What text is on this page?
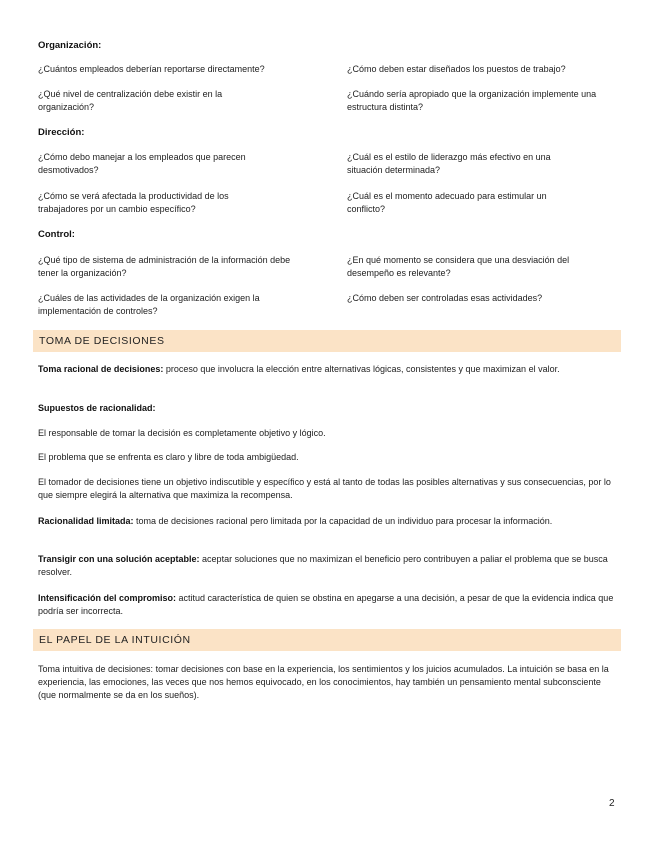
Organización:
¿Cuántos empleados deberían reportarse directamente?	¿Cómo deben estar diseñados los puestos de trabajo?
¿Qué nivel de centralización debe existir en la organización?
¿Cuándo sería apropiado que la organización implemente una estructura distinta?
Dirección:
¿Cómo debo manejar a los empleados que parecen desmotivados?
¿Cuál es el estilo de liderazgo más efectivo en una situación determinada?
¿Cómo se verá afectada la productividad de los trabajadores por un cambio específico?
¿Cuál es el momento adecuado para estimular un conflicto?
Control:
¿Qué tipo de sistema de administración de la información debe tener la organización?
¿En qué momento se considera que una desviación del desempeño es relevante?
¿Cuáles de las actividades de la organización exigen la implementación de controles?
¿Cómo deben ser controladas esas actividades?
TOMA DE DECISIONES
Toma racional de decisiones: proceso que involucra la elección entre alternativas lógicas, consistentes y que maximizan el valor.
Supuestos de racionalidad:
El responsable de tomar la decisión es completamente objetivo y lógico.
El problema que se enfrenta es claro y libre de toda ambigüedad.
El tomador de decisiones tiene un objetivo indiscutible y específico y está al tanto de todas las posibles alternativas y sus consecuencias, por lo que siempre elegirá la alternativa que maximiza la recompensa.
Racionalidad limitada: toma de decisiones racional pero limitada por la capacidad de un individuo para procesar la información.
Transigir con una solución aceptable: aceptar soluciones que no maximizan el beneficio pero contribuyen a paliar el problema que se busca resolver.
Intensificación del compromiso: actitud característica de quien se obstina en apegarse a una decisión, a pesar de que la evidencia indica que podría ser incorrecta.
EL PAPEL DE LA INTUICIÓN
Toma intuitiva de decisiones: tomar decisiones con base en la experiencia, los sentimientos y los juicios acumulados. La intuición se basa en la experiencia, las emociones, las veces que nos hemos equivocado, en los conocimientos, hay también un pensamiento mental subconsciente (que normalmente se da en los sueños).
2
